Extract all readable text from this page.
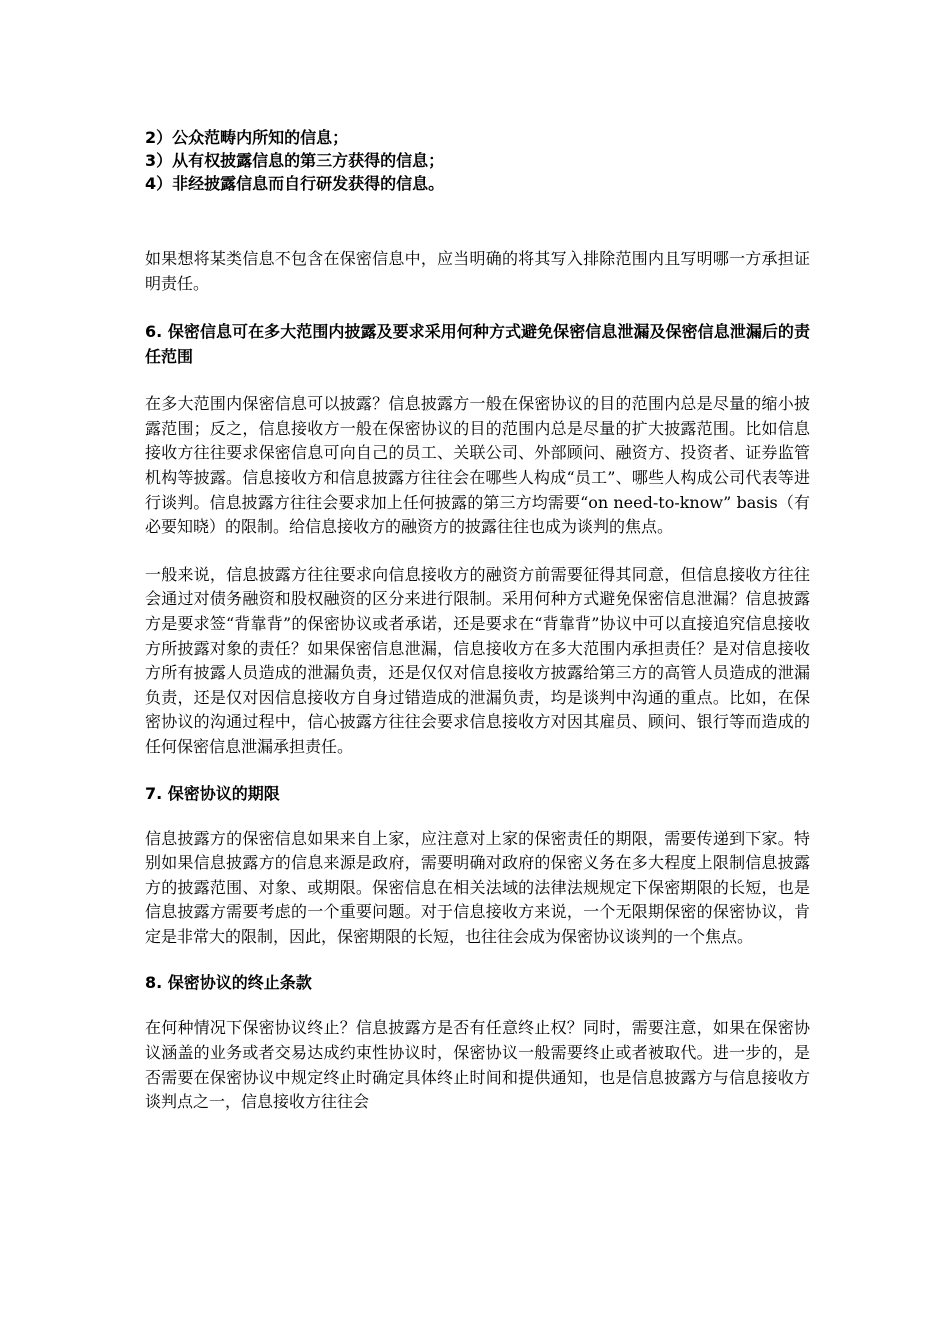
2）公众范畴内所知的信息；

3）从有权披露信息的第三方获得的信息；

4）非经披露信息而自行研发获得的信息。

如果想将某类信息不包含在保密信息中，应当明确的将其写入排除范围内且写明哪一方承担证明责任。

6. 保密信息可在多大范围内披露及要求采用何种方式避免保密信息泄漏及保密信息泄漏后的责任范围

在多大范围内保密信息可以披露？信息披露方一般在保密协议的目的范围内总是尽量的缩小披露范围；反之，信息接收方一般在保密协议的目的范围内总是尽量的扩大披露范围。比如信息接收方往往要求保密信息可向自己的员工、关联公司、外部顾问、融资方、投资者、证券监管机构等披露。信息接收方和信息披露方往往会在哪些人构成“员工”、哪些人构成公司代表等进行谈判。信息披露方往往会要求加上任何披露的第三方均需要“on need-to-know” basis（有必要知晓）的限制。给信息接收方的融资方的披露往往也成为谈判的焦点。

一般来说，信息披露方往往要求向信息接收方的融资方前需要征得其同意，但信息接收方往往会通过对债务融资和股权融资的区分来进行限制。采用何种方式避免保密信息泄漏？信息披露方是要求签“背靠背”的保密协议或者承诺，还是要求在“背靠背”协议中可以直接追究信息接收方所披露对象的责任？如果保密信息泄漏，信息接收方在多大范围内承担责任？是对信息接收方所有披露人员造成的泄漏负责，还是仅仅对信息接收方披露给第三方的高管人员造成的泄漏负责，还是仅对因信息接收方自身过错造成的泄漏负责，均是谈判中沟通的重点。比如，在保密协议的沟通过程中，信心披露方往往会要求信息接收方对因其雇员、顾问、银行等而造成的任何保密信息泄漏承担责任。

7. 保密协议的期限

信息披露方的保密信息如果来自上家，应注意对上家的保密责任的期限，需要传递到下家。特别如果信息披露方的信息来源是政府，需要明确对政府的保密义务在多大程度上限制信息披露方的披露范围、对象、或期限。保密信息在相关法域的法律法规规定下保密期限的长短，也是信息披露方需要考虑的一个重要问题。对于信息接收方来说，一个无限期保密的保密协议，肯定是非常大的限制，因此，保密期限的长短，也往往会成为保密协议谈判的一个焦点。

8. 保密协议的终止条款

在何种情况下保密协议终止？信息披露方是否有任意终止权？同时，需要注意，如果在保密协议涵盖的业务或者交易达成约束性协议时，保密协议一般需要终止或者被取代。进一步的，是否需要在保密协议中规定终止时确定具体终止时间和提供通知，也是信息披露方与信息接收方谈判点之一，信息接收方往往会
